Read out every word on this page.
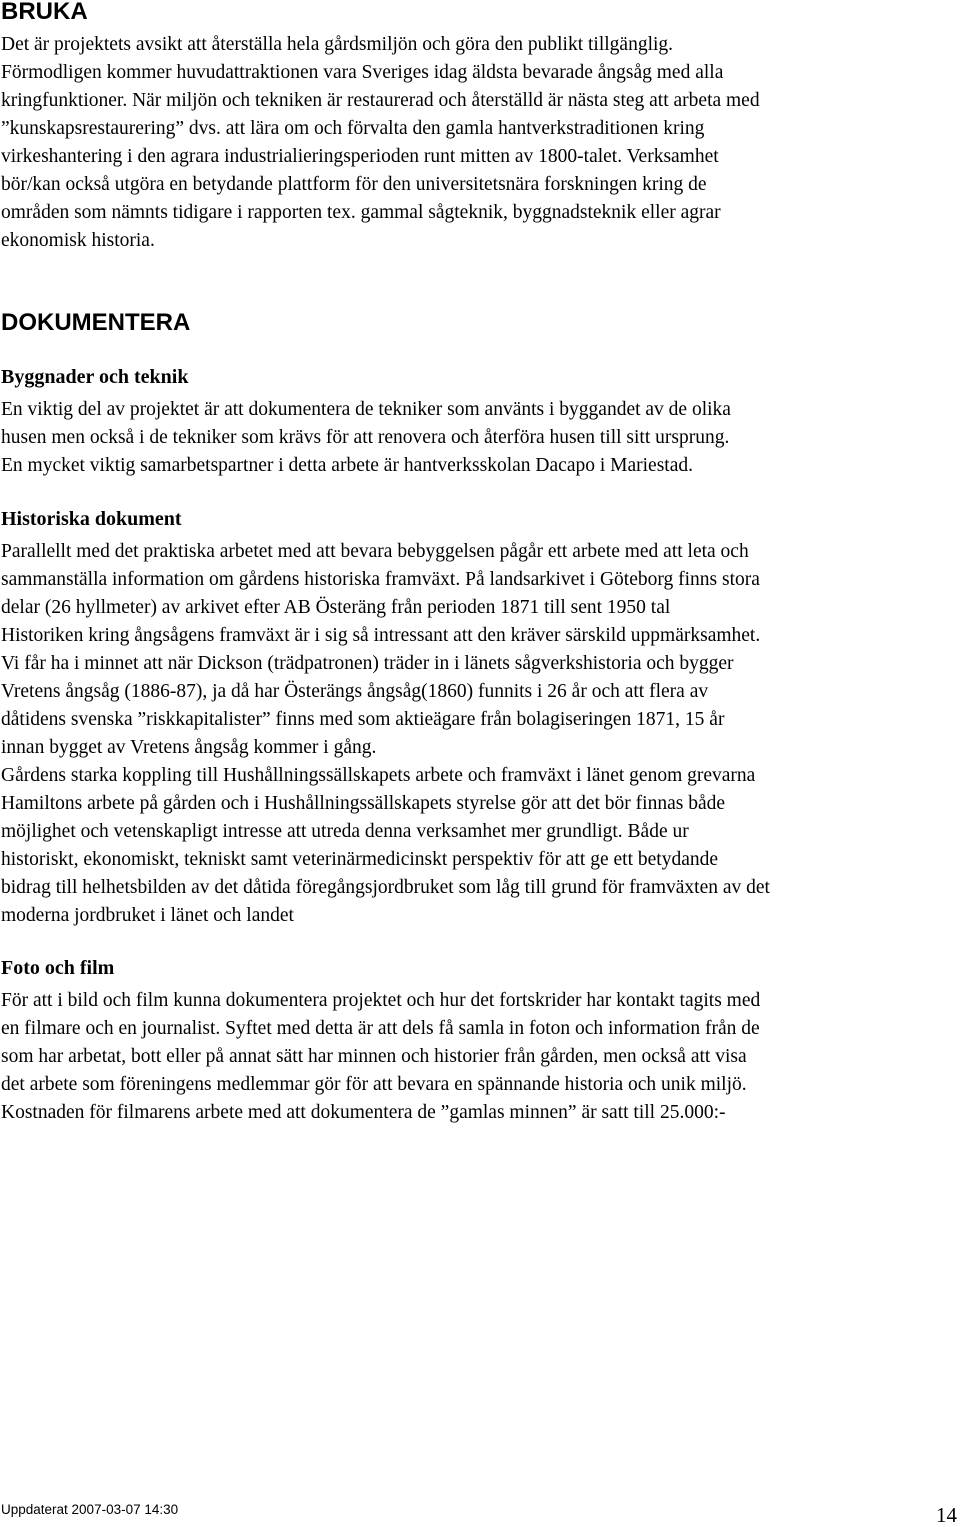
BRUKA
Det är projektets avsikt att återställa hela gårdsmiljön och göra den publikt tillgänglig.
Förmodligen kommer huvudattraktionen vara Sveriges idag äldsta bevarade ångsåg med alla
kringfunktioner. När miljön och tekniken är restaurerad och återställd är nästa steg att arbeta med
”kunskapsrestaurering” dvs. att lära om och förvalta den gamla hantverkstraditionen kring
virkeshantering i den agrara industrialieringsperioden runt mitten av 1800-talet. Verksamhet
bör/kan också utgöra en betydande plattform för den universitetsnära forskningen kring de
områden som nämnts tidigare i rapporten tex. gammal sågteknik, byggnadsteknik eller agrar
ekonomisk historia.
DOKUMENTERA
Byggnader och teknik
En viktig del av projektet är att dokumentera de tekniker som använts i byggandet av de olika
husen men också i de tekniker som krävs för att renovera och återföra husen till sitt ursprung.
En mycket viktig samarbetspartner i detta arbete är hantverksskolan Dacapo i Mariestad.
Historiska dokument
Parallellt med det praktiska arbetet med att bevara bebyggelsen pågår ett arbete med att leta och
sammanställa information om gårdens historiska framväxt. På landsarkivet i Göteborg finns stora
delar (26 hyllmeter) av arkivet efter AB Österäng från perioden 1871 till sent 1950 tal
Historiken kring ångsågens framväxt är i sig så intressant att den kräver särskild uppmärksamhet.
Vi får ha i minnet att när Dickson (trädpatronen) träder in i länets sågverkshistoria och bygger
Vretens ångsåg (1886-87), ja då har Österängs ångsåg(1860) funnits i 26 år och att flera av
dåtidens svenska ”riskkapitalister” finns med som aktieägare från bolagiseringen 1871, 15 år
innan bygget av Vretens ångsåg kommer i gång.
Gårdens starka koppling till Hushållningssällskapets arbete och framväxt i länet genom grevarna
Hamiltons arbete på gården och i Hushållningssällskapets styrelse gör att det bör finnas både
möjlighet och vetenskapligt intresse att utreda denna verksamhet mer grundligt. Både ur
historiskt, ekonomiskt, tekniskt samt veterinärmedicinskt perspektiv för att ge ett betydande
bidrag till helhetsbilden av det dåtida föregångsjordbruket som låg till grund för framväxten av det
moderna jordbruket i länet och landet
Foto och film
För att i bild och film kunna dokumentera projektet och hur det fortskrider har kontakt tagits med
en filmare och en journalist. Syftet med detta är att dels få samla in foton och information från de
som har arbetat, bott eller på annat sätt har minnen och historier från gården, men också att visa
det arbete som föreningens medlemmar gör för att bevara en spännande historia och unik miljö.
Kostnaden för filmarens arbete med att dokumentera de ”gamlas minnen” är satt till 25.000:-
Uppdaterat 2007-03-07 14:30	14
